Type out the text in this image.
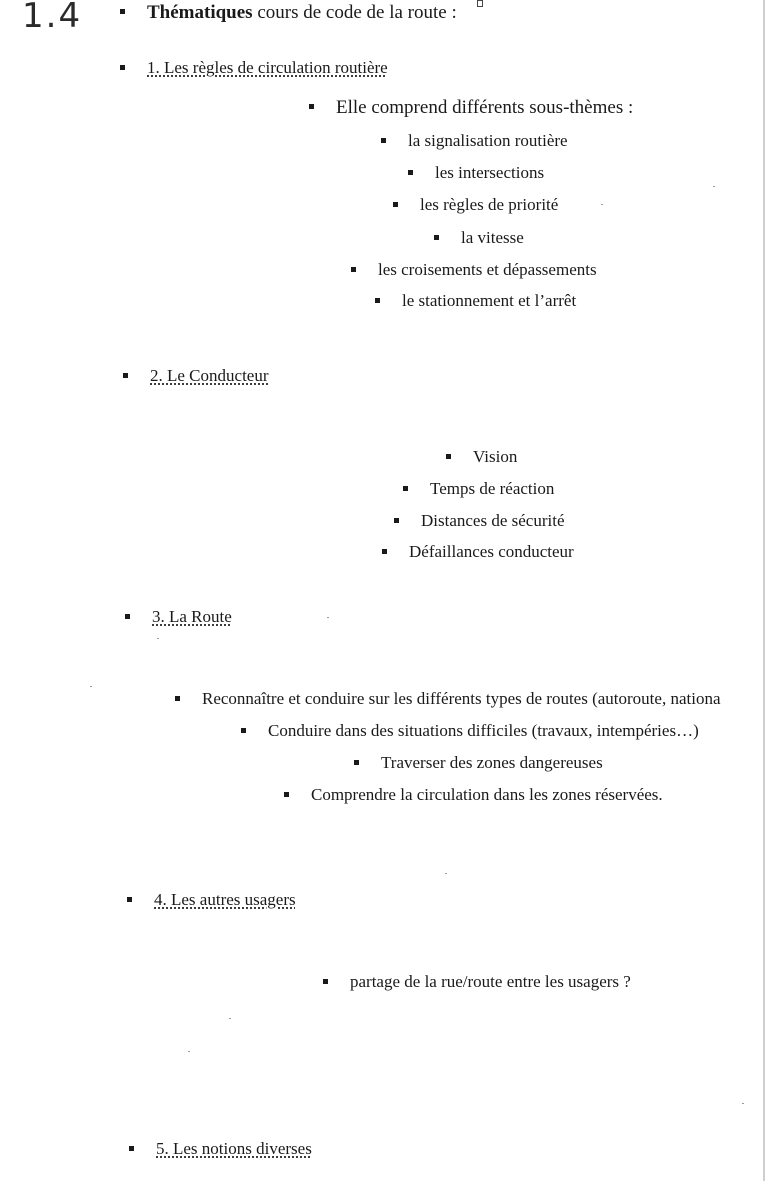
1.4	Thématiques cours de code de la route :
1. Les règles de circulation routière
Elle comprend différents sous-thèmes :
la signalisation routière
les intersections
les règles de priorité
la vitesse
les croisements et dépassements
le stationnement et l’arrêt
2. Le Conducteur
Vision
Temps de réaction
Distances de sécurité
Défaillances conducteur
3. La Route
Reconnaître et conduire sur les différents types de routes (autoroute, nationa
Conduire dans des situations difficiles (travaux, intempéries…)
Traverser des zones dangereuses
Comprendre la circulation dans les zones réservées.
4. Les autres usagers
partage de la rue/route entre les usagers ?
5. Les notions diverses
